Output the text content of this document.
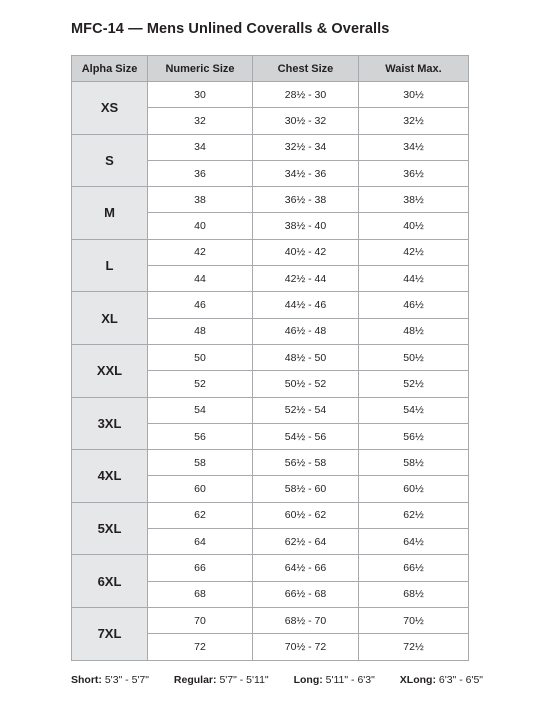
MFC-14 — Mens Unlined Coveralls & Overalls
Alpha Size	Numeric Size	Chest Size	Waist Max.
XS	30	28½ - 30	30½
	32	30½ - 32	32½
S	34	32½ - 34	34½
	36	34½ - 36	36½
M	38	36½ - 38	38½
	40	38½ - 40	40½
L	42	40½ - 42	42½
	44	42½ - 44	44½
XL	46	44½ - 46	46½
	48	46½ - 48	48½
XXL	50	48½ - 50	50½
	52	50½ - 52	52½
3XL	54	52½ - 54	54½
	56	54½ - 56	56½
4XL	58	56½ - 58	58½
	60	58½ - 60	60½
5XL	62	60½ - 62	62½
	64	62½ - 64	64½
6XL	66	64½ - 66	66½
	68	66½ - 68	68½
7XL	70	68½ - 70	70½
	72	70½ - 72	72½
Short: 5'3" - 5'7" Regular: 5'7" - 5'11" Long: 5'11" - 6'3" XLong: 6'3" - 6'5"
